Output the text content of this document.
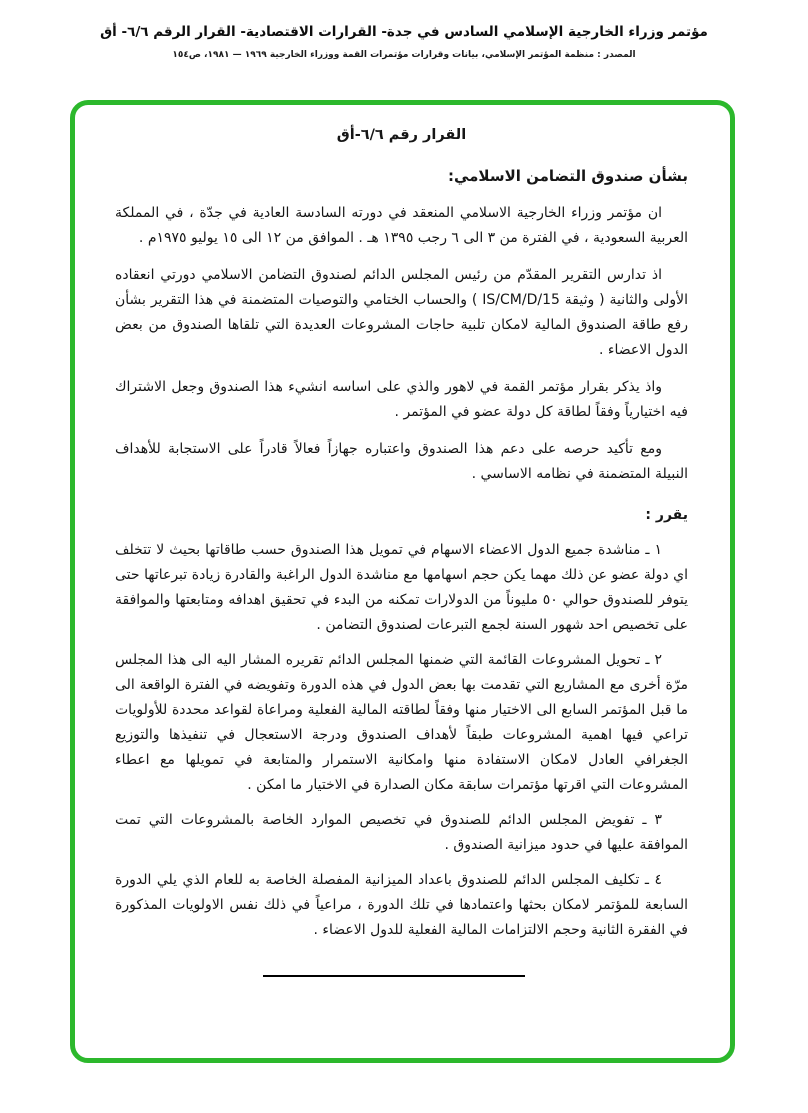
مؤتمر وزراء الخارجية الإسلامي السادس في جدة- القرارات الاقتصادية- القرار الرقم ٦/٦- أق
المصدر : منظمة المؤتمر الإسلامي، بيانات وقرارات مؤتمرات القمة ووزراء الخارجية ١٩٦٩ — ١٩٨١، ص١٥٤
القرار رقم ٦/٦-أق
بشأن صندوق التضامن الاسلامي:

ان مؤتمر وزراء الخارجية الاسلامي المنعقد في دورته السادسة العادية في جدّة ، في المملكة العربية السعودية ، في الفترة من ٣ الى ٦ رجب ١٣٩٥ هـ . الموافق من ١٢ الى ١٥ يوليو ١٩٧٥م .

اذ تدارس التقرير المقدّم من رئيس المجلس الدائم لصندوق التضامن الاسلامي دورتي انعقاده الأولى والثانية ( وثيقة IS/CM/D/15 ) والحساب الختامي والتوصيات المتضمنة في هذا التقرير بشأن رفع طاقة الصندوق المالية لامكان تلبية حاجات المشروعات العديدة التي تلقاها الصندوق من بعض الدول الاعضاء .

واذ يذكر بقرار مؤتمر القمة في لاهور والذي على اساسه انشيء هذا الصندوق وجعل الاشتراك فيه اختيارياً وفقاً لطاقة كل دولة عضو في المؤتمر .

ومع تأكيد حرصه على دعم هذا الصندوق واعتباره جهازاً فعالاً قادراً على الاستجابة للأهداف النبيلة المتضمنة في نظامه الاساسي .

يقرر :

١ ـ مناشدة جميع الدول الاعضاء الاسهام في تمويل هذا الصندوق حسب طاقاتها بحيث لا تتخلف اي دولة عضو عن ذلك مهما يكن حجم اسهامها مع مناشدة الدول الراغبة والقادرة زيادة تبرعاتها حتى يتوفر للصندوق حوالي ٥٠ مليوناً من الدولارات تمكنه من البدء في تحقيق اهدافه ومتابعتها والموافقة على تخصيص احد شهور السنة لجمع التبرعات لصندوق التضامن .

٢ ـ تحويل المشروعات القائمة التي ضمنها المجلس الدائم تقريره المشار اليه الى هذا المجلس مرّة أخرى مع المشاريع التي تقدمت بها بعض الدول في هذه الدورة وتفويضه في الفترة الواقعة الى ما قبل المؤتمر السابع الى الاختيار منها وفقاً لطاقته المالية الفعلية ومراعاة لقواعد محددة للأولويات تراعي فيها اهمية المشروعات طبقاً لأهداف الصندوق ودرجة الاستعجال في تنفيذها والتوزيع الجغرافي العادل لامكان الاستفادة منها وامكانية الاستمرار والمتابعة في تمويلها مع اعطاء المشروعات التي اقرتها مؤتمرات سابقة مكان الصدارة في الاختيار ما امكن .

٣ ـ تفويض المجلس الدائم للصندوق في تخصيص الموارد الخاصة بالمشروعات التي تمت الموافقة عليها في حدود ميزانية الصندوق .

٤ ـ تكليف المجلس الدائم للصندوق باعداد الميزانية المفصلة الخاصة به للعام الذي يلي الدورة السابعة للمؤتمر لامكان بحثها واعتمادها في تلك الدورة ، مراعياً في ذلك نفس الاولويات المذكورة في الفقرة الثانية وحجم الالتزامات المالية الفعلية للدول الاعضاء .
